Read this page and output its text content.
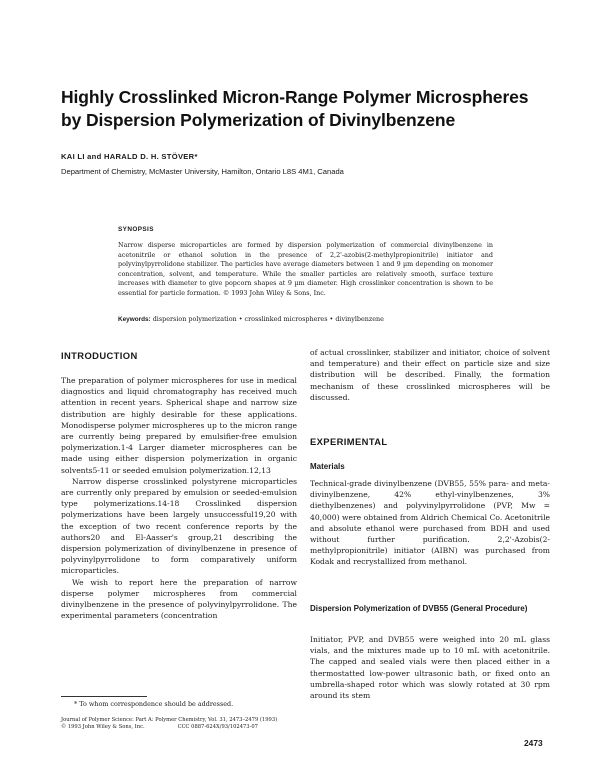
Highly Crosslinked Micron-Range Polymer Microspheres
by Dispersion Polymerization of Divinylbenzene
KAI LI and HARALD D. H. STÖVER*
Department of Chemistry, McMaster University, Hamilton, Ontario L8S 4M1, Canada
SYNOPSIS
Narrow disperse microparticles are formed by dispersion polymerization of commercial divinylbenzene in acetonitrile or ethanol solution in the presence of 2,2'-azobis(2-methylpropionitrile) initiator and polyvinylpyrrolidone stabilizer. The particles have average diameters between 1 and 9 µm depending on monomer concentration, solvent, and temperature. While the smaller particles are relatively smooth, surface texture increases with diameter to give popcorn shapes at 9 µm diameter. High crosslinker concentration is shown to be essential for particle formation. © 1993 John Wiley & Sons, Inc.
Keywords: dispersion polymerization • crosslinked microspheres • divinylbenzene
INTRODUCTION

The preparation of polymer microspheres for use in medical diagnostics and liquid chromatography has received much attention in recent years. Spherical shape and narrow size distribution are highly desirable for these applications. Monodisperse polymer microspheres up to the micron range are currently being prepared by emulsifier-free emulsion polymerization.1-4 Larger diameter microspheres can be made using either dispersion polymerization in organic solvents5-11 or seeded emulsion polymerization.12,13

Narrow disperse crosslinked polystyrene microparticles are currently only prepared by emulsion or seeded-emulsion type polymerizations.14-18 Crosslinked dispersion polymerizations have been largely unsuccessful19,20 with the exception of two recent conference reports by the authors20 and El-Aasser's group,21 describing the dispersion polymerization of divinylbenzene in presence of polyvinylpyrrolidone to form comparatively uniform microparticles.

We wish to report here the preparation of narrow disperse polymer microspheres from commercial divinylbenzene in the presence of polyvinylpyrrolidone. The experimental parameters (concentration

of actual crosslinker, stabilizer and initiator, choice of solvent and temperature) and their effect on particle size and size distribution will be described. Finally, the formation mechanism of these crosslinked microspheres will be discussed.
EXPERIMENTAL
Materials
Technical-grade divinylbenzene (DVB55, 55% para- and meta-divinylbenzene, 42% ethyl-vinylbenzenes, 3% diethylbenzenes) and polyvinylpyrrolidone (PVP, Mw = 40,000) were obtained from Aldrich Chemical Co. Acetonitrile and absolute ethanol were purchased from BDH and used without further purification. 2,2'-Azobis(2-methylpropionitrile) initiator (AIBN) was purchased from Kodak and recrystallized from methanol.
Dispersion Polymerization of DVB55 (General Procedure)
Initiator, PVP, and DVB55 were weighed into 20 mL glass vials, and the mixtures made up to 10 mL with acetonitrile. The capped and sealed vials were then placed either in a thermostatted low-power ultrasonic bath, or fixed onto an umbrella-shaped rotor which was slowly rotated at 30 rpm around its stem
* To whom correspondence should be addressed.
Journal of Polymer Science: Part A: Polymer Chemistry, Vol. 31, 2473–2479 (1993)
© 1993 John Wiley & Sons, Inc.                    CCC 0887-624X/93/102473-07
2473
